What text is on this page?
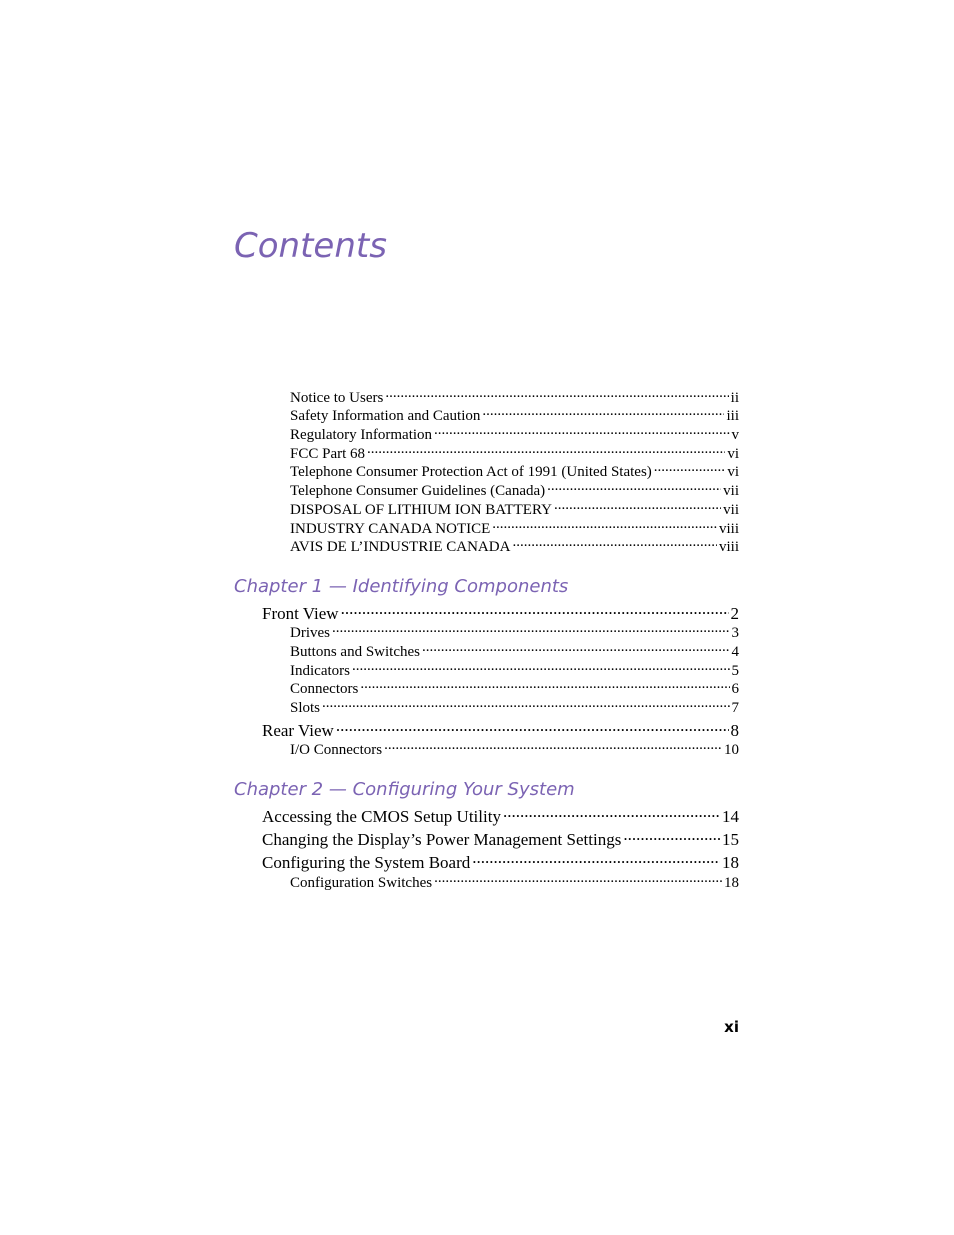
Contents
Notice to Users .....	ii
Safety Information and Caution .....	iii
Regulatory Information .....	v
FCC Part 68 .....	vi
Telephone Consumer Protection Act of 1991 (United States) .....	vi
Telephone Consumer Guidelines (Canada) .....	vii
DISPOSAL OF LITHIUM ION BATTERY .....	vii
INDUSTRY CANADA NOTICE .....	viii
AVIS DE L’INDUSTRIE CANADA .....	viii
Chapter 1 — Identifying Components
Front View .....	2
Drives .....	3
Buttons and Switches .....	4
Indicators .....	5
Connectors .....	6
Slots .....	7
Rear View .....	8
I/O Connectors .....	10
Chapter 2 — Configuring Your System
Accessing the CMOS Setup Utility .....	14
Changing the Display’s Power Management Settings .....	15
Configuring the System Board .....	18
Configuration Switches .....	18
xi
